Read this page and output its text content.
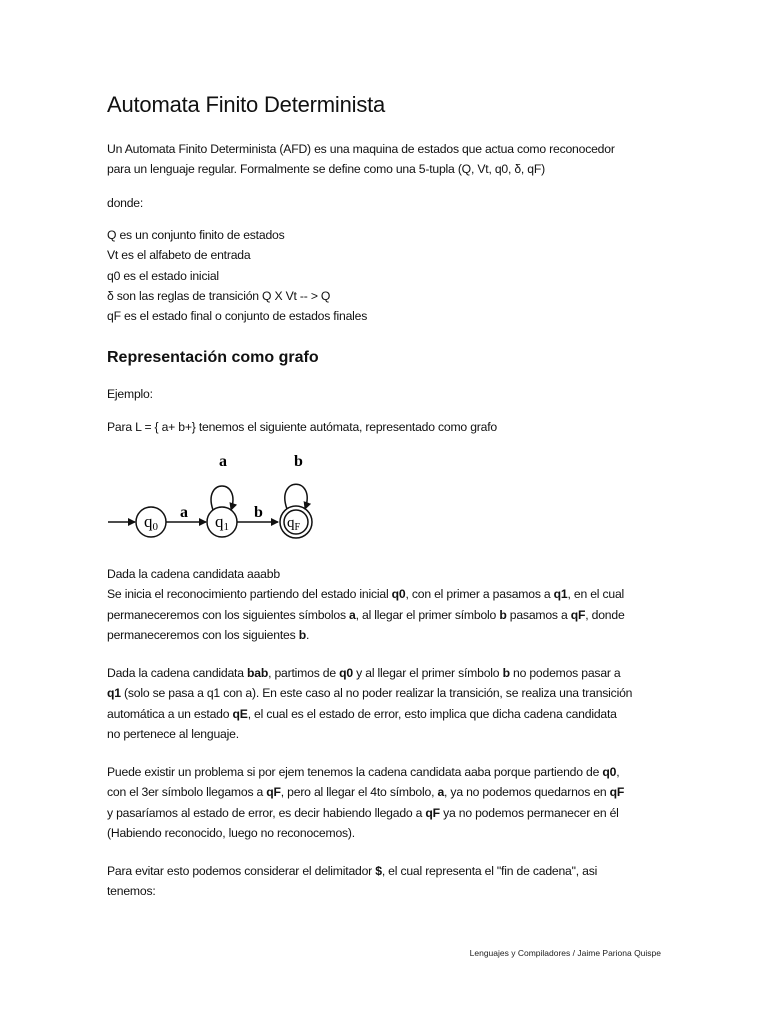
Automata Finito Determinista

Un Automata Finito Determinista (AFD) es una maquina de estados que actua como reconocedor
para un lenguaje regular. Formalmente se define como una 5-tupla (Q, Vt, q0, δ, qF)

donde:

Q es un conjunto finito de estados
Vt es el alfabeto de entrada
q0 es el estado inicial
δ son las reglas de transición Q X Vt -- > Q
qF es el estado final o conjunto de estados finales

Representación como grafo

Ejemplo:

Para L = { a+ b+} tenemos el siguiente autómata, representado como grafo

q0
a q1
a
b
$q_F$
b

Dada la cadena candidata aaabb
Se inicia el reconocimiento partiendo del estado inicial q0, con el primer a pasamos a q1, en el cual
permaneceremos con los siguientes símbolos a, al llegar el primer símbolo b pasamos a qF, donde
permaneceremos con los siguientes b.

Dada la cadena candidata bab, partimos de q0 y al llegar el primer símbolo b no podemos pasar a
q1 (solo se pasa a q1 con a). En este caso al no poder realizar la transición, se realiza una transición
automática a un estado qE, el cual es el estado de error, esto implica que dicha cadena candidata
no pertenece al lenguaje.

Puede existir un problema si por ejem tenemos la cadena candidata aaba porque partiendo de q0,
con el 3er símbolo llegamos a qF, pero al llegar el 4to símbolo, a, ya no podemos quedarnos en qF
y pasaríamos al estado de error, es decir habiendo llegado a qF ya no podemos permanecer en él
(Habiendo reconocido, luego no reconocemos).

Para evitar esto podemos considerar el delimitador $, el cual representa el "fin de cadena", asi
tenemos:

Lenguajes y Compiladores / Jaime Pariona Quispe
